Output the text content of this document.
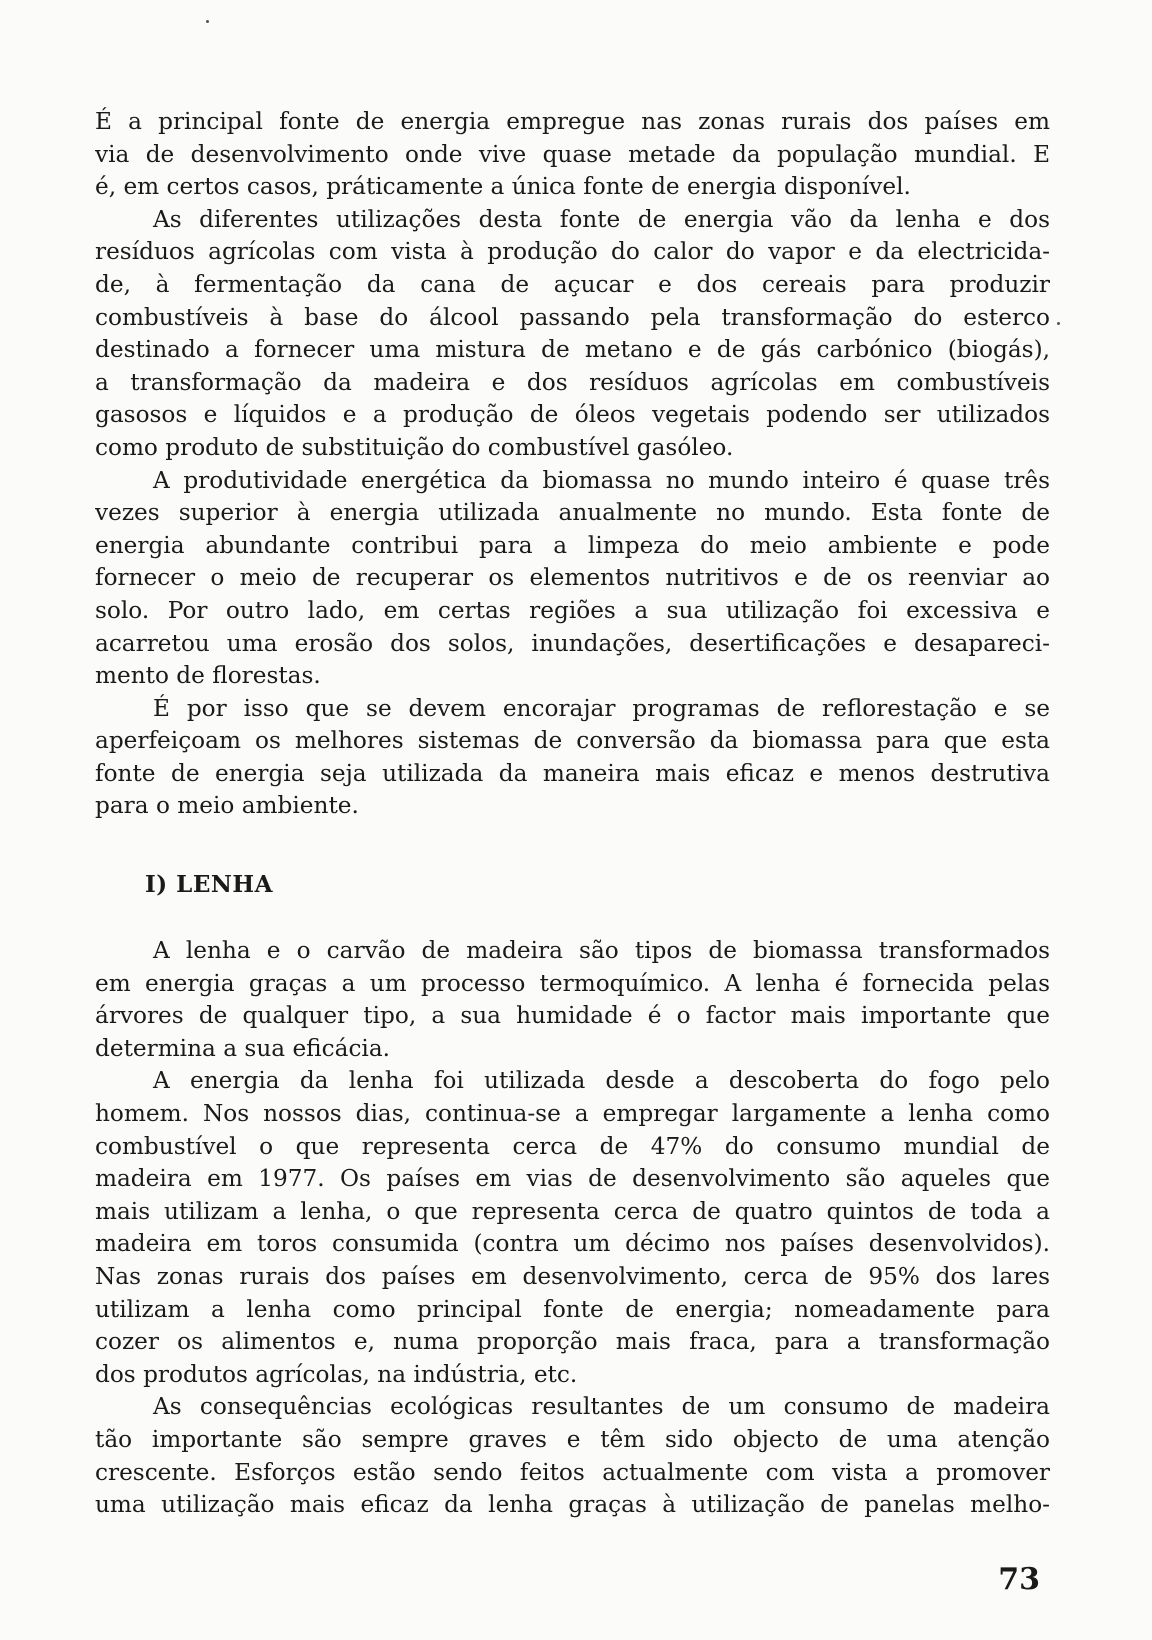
É a principal fonte de energia empregue nas zonas rurais dos países em
via de desenvolvimento onde vive quase metade da população mundial. E
é, em certos casos, práticamente a única fonte de energia disponível.
As diferentes utilizações desta fonte de energia vão da lenha e dos
resíduos agrícolas com vista à produção do calor do vapor e da electricida-
de, à fermentação da cana de açucar e dos cereais para produzir
combustíveis à base do álcool passando pela transformação do esterco
destinado a fornecer uma mistura de metano e de gás carbónico (biogás),
a transformação da madeira e dos resíduos agrícolas em combustíveis
gasosos e líquidos e a produção de óleos vegetais podendo ser utilizados
como produto de substituição do combustível gasóleo.
A produtividade energética da biomassa no mundo inteiro é quase três
vezes superior à energia utilizada anualmente no mundo. Esta fonte de
energia abundante contribui para a limpeza do meio ambiente e pode
fornecer o meio de recuperar os elementos nutritivos e de os reenviar ao
solo. Por outro lado, em certas regiões a sua utilização foi excessiva e
acarretou uma erosão dos solos, inundações, desertificações e desapareci-
mento de florestas.
É por isso que se devem encorajar programas de reflorestação e se
aperfeiçoam os melhores sistemas de conversão da biomassa para que esta
fonte de energia seja utilizada da maneira mais eficaz e menos destrutiva
para o meio ambiente.
I) LENHA
A lenha e o carvão de madeira são tipos de biomassa transformados
em energia graças a um processo termoquímico. A lenha é fornecida pelas
árvores de qualquer tipo, a sua humidade é o factor mais importante que
determina a sua eficácia.
A energia da lenha foi utilizada desde a descoberta do fogo pelo
homem. Nos nossos dias, continua-se a empregar largamente a lenha como
combustível o que representa cerca de 47% do consumo mundial de
madeira em 1977. Os países em vias de desenvolvimento são aqueles que
mais utilizam a lenha, o que representa cerca de quatro quintos de toda a
madeira em toros consumida (contra um décimo nos países desenvolvidos).
Nas zonas rurais dos países em desenvolvimento, cerca de 95% dos lares
utilizam a lenha como principal fonte de energia; nomeadamente para
cozer os alimentos e, numa proporção mais fraca, para a transformação
dos produtos agrícolas, na indústria, etc.
As consequências ecológicas resultantes de um consumo de madeira
tão importante são sempre graves e têm sido objecto de uma atenção
crescente. Esforços estão sendo feitos actualmente com vista a promover
uma utilização mais eficaz da lenha graças à utilização de panelas melho-
73
